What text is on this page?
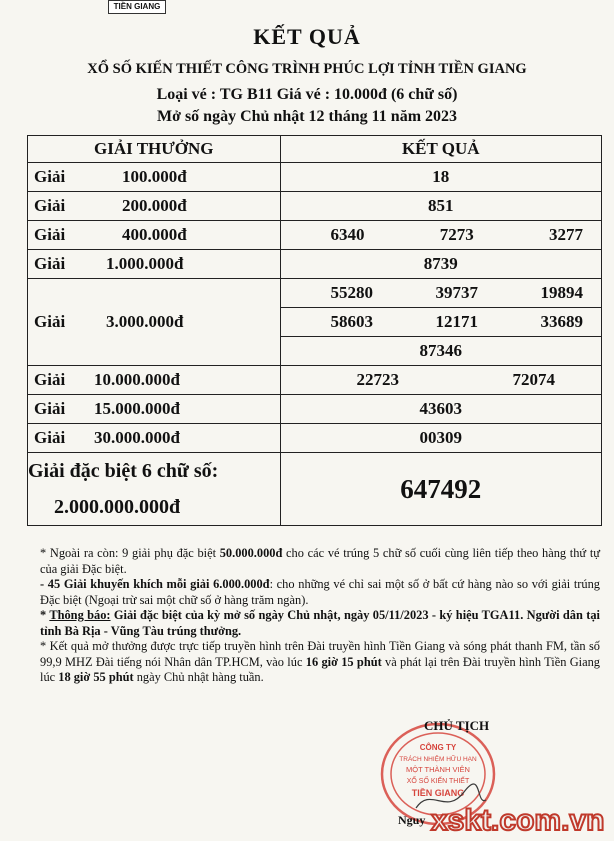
TIỀN GIANG
KẾT QUẢ
XỔ SỐ KIẾN THIẾT CÔNG TRÌNH PHÚC LỢI TỈNH TIỀN GIANG
Loại vé : TG B11 Giá vé : 10.000đ (6 chữ số)
Mở số ngày Chủ nhật 12 tháng 11 năm 2023
GIẢI THƯỞNG	KẾT QUẢ
Giải 100.000đ	18
Giải 200.000đ	851
Giải 400.000đ	6340 7273 3277

Giải 1.000.000đ	8739
Giải 3.000.000đ	55280 39737 19894

	58603 12171 33689

	87346
Giải 10.000.000đ	22723 72074

Giải 15.000.000đ	43603
Giải 30.000.000đ	00309
Giải đặc biệt 6 chữ số:	647492
2.000.000.000đ	

* Ngoài ra còn: 9 giải phụ đặc biệt 50.000.000đ cho các vé trúng 5 chữ số cuối cùng liên tiếp theo hàng thứ tự của giải Đặc biệt.

- 45 Giải khuyến khích mỗi giải 6.000.000đ: cho những vé chỉ sai một số ở bất cứ hàng nào so với giải trúng Đặc biệt (Ngoại trừ sai một chữ số ở hàng trăm ngàn).

* Thông báo: Giải đặc biệt của kỳ mở số ngày Chủ nhật, ngày 05/11/2023 - ký hiệu TGA11. Người dân tại tỉnh Bà Rịa - Vũng Tàu trúng thưởng.

* Kết quả mở thưởng được trực tiếp truyền hình trên Đài truyền hình Tiền Giang và sóng phát thanh FM, tần số 99,9 MHZ Đài tiếng nói Nhân dân TP.HCM, vào lúc 16 giờ 15 phút và phát lại trên Đài truyền hình Tiền Giang lúc 18 giờ 55 phút ngày Chủ nhật hàng tuần.

CÔNG TY
TRÁCH NHIỆM HỮU HẠN
MỘT THÀNH VIÊN
XỔ SỐ KIẾN THIẾT
TIỀN GIANG
CHỦ TỊCH
Nguy xskt.com.vn
